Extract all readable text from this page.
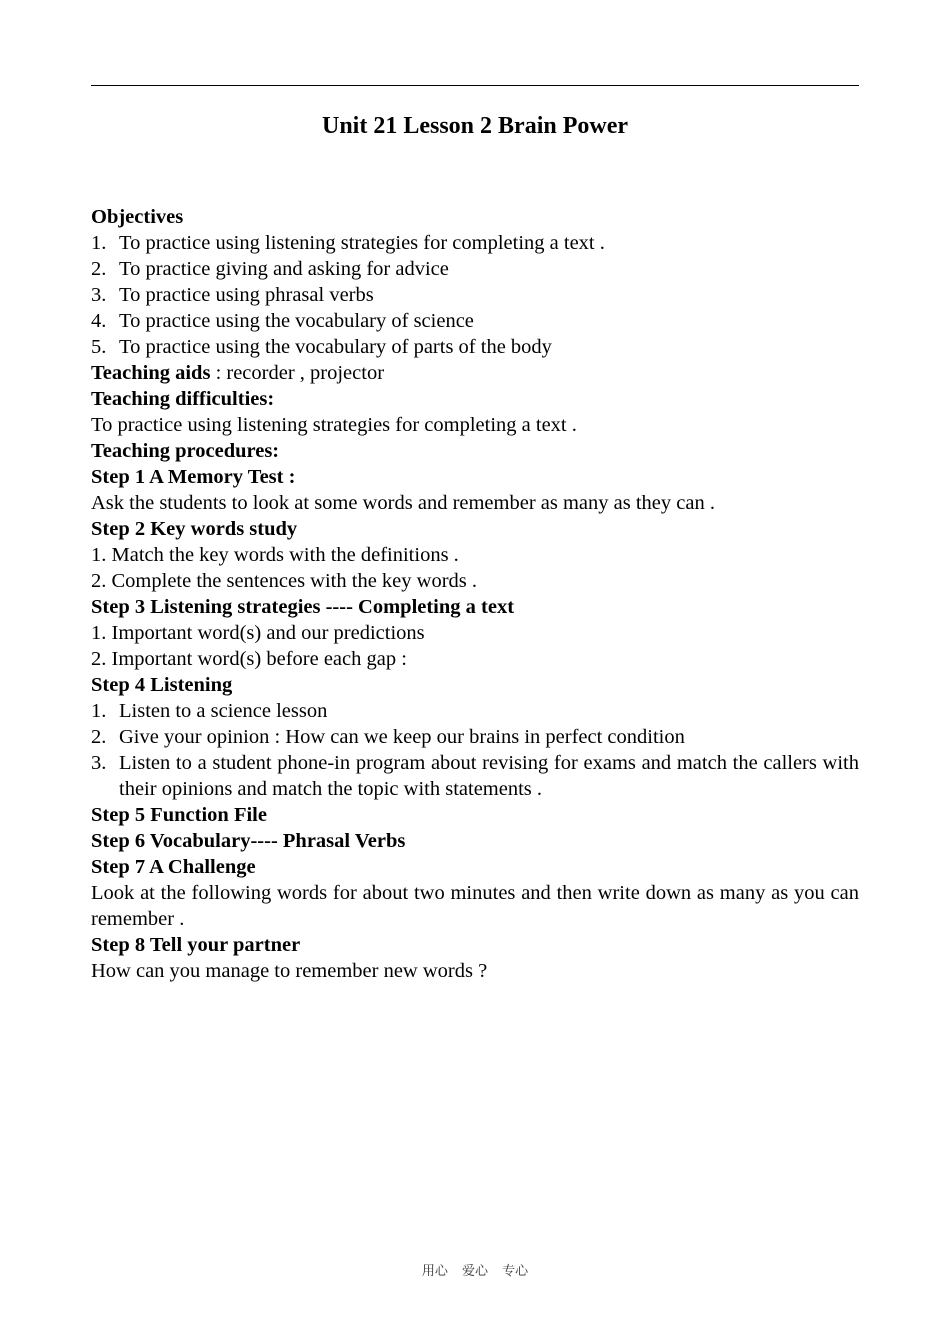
Unit 21 Lesson 2 Brain Power
Objectives
1. To practice using listening strategies for completing a text .
2. To practice giving and asking for advice
3. To practice using phrasal verbs
4. To practice using the vocabulary of science
5. To practice using the vocabulary of parts of the body
Teaching aids : recorder , projector
Teaching difficulties:
To practice using listening strategies for completing a text .
Teaching procedures:
Step 1 A Memory Test :
Ask the students to look at some words and remember as many as they can .
Step 2 Key words study
1. Match the key words with the definitions .
2. Complete the sentences with the key words .
Step 3 Listening strategies ---- Completing a text
1. Important word(s) and our predictions
2. Important word(s) before each gap :
Step 4 Listening
1. Listen to a science lesson
2. Give your opinion : How can we keep our brains in perfect condition
3. Listen to a student phone-in program about revising for exams and match the callers with their opinions and match the topic with statements .
Step 5 Function File
Step 6 Vocabulary---- Phrasal Verbs
Step 7 A Challenge
Look at the following words for about two minutes and then write down as many as you can remember .
Step 8 Tell your partner
How can you manage to remember new words ?
用心 爱心 专心
